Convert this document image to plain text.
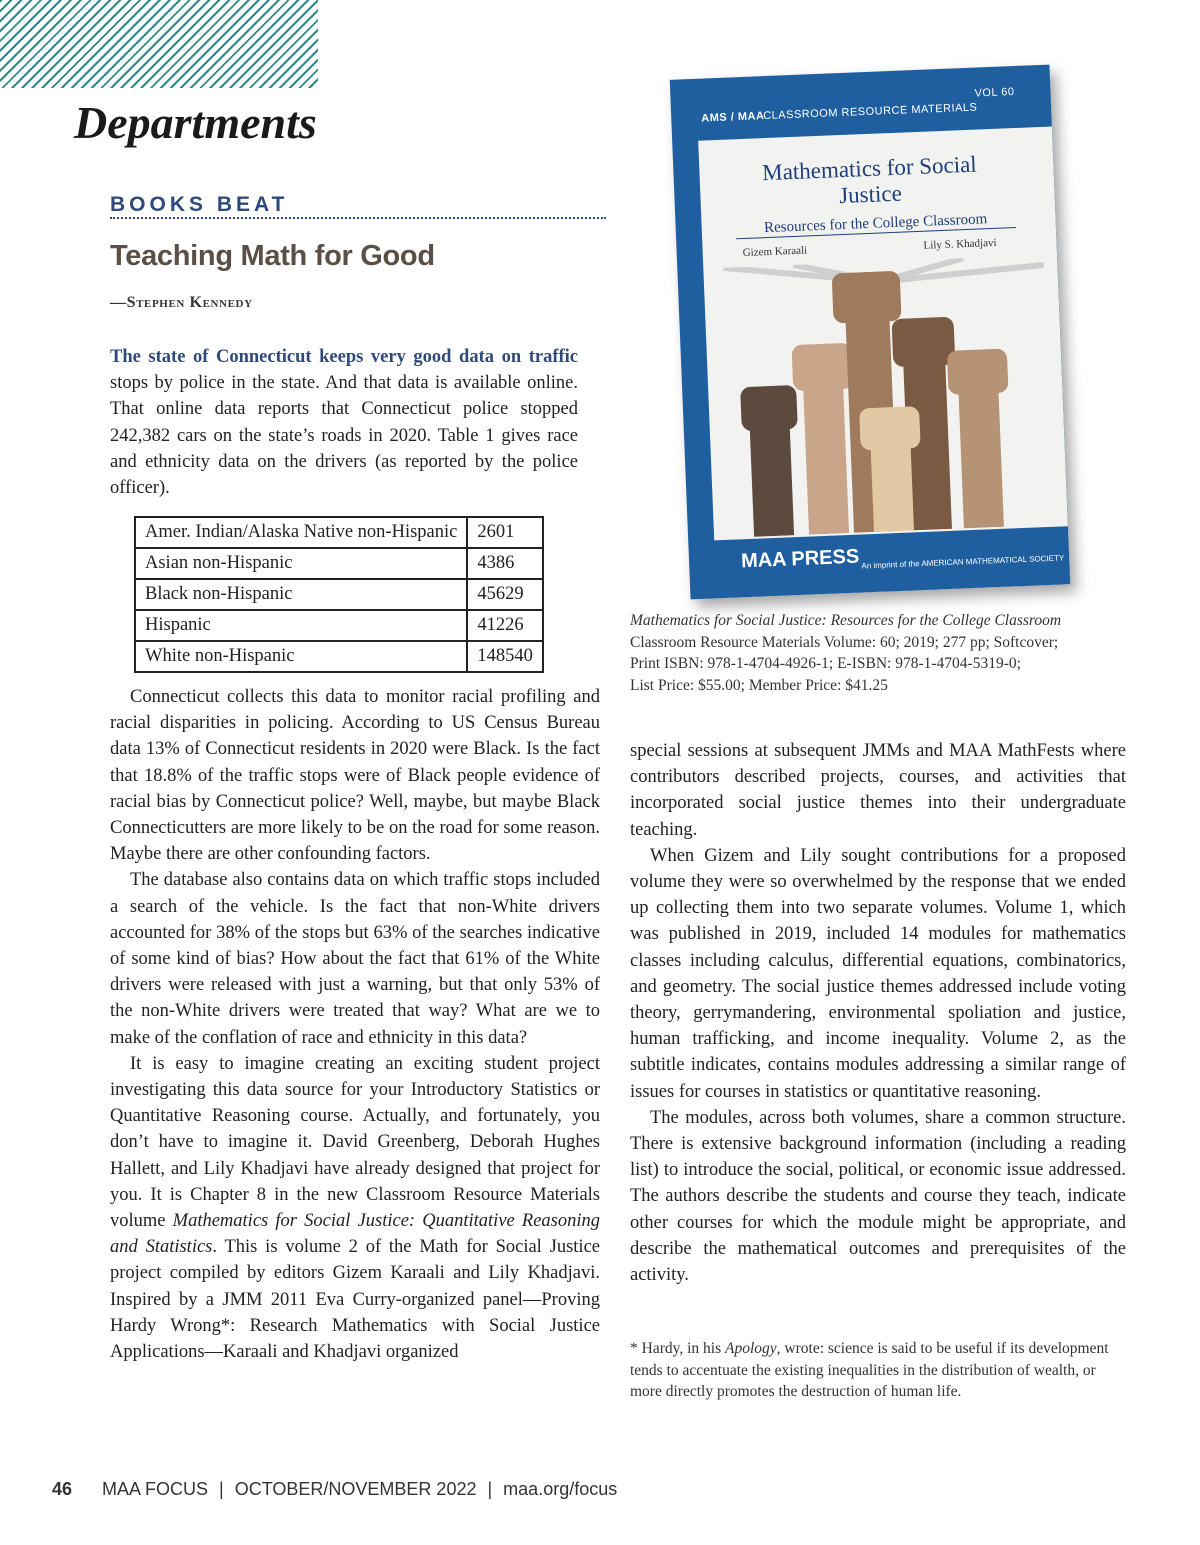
Departments
BOOKS BEAT
Teaching Math for Good
—Stephen Kennedy

The state of Connecticut keeps very good data on traffic stops by police in the state. And that data is available online. That online data reports that Connecticut police stopped 242,382 cars on the state’s roads in 2020. Table 1 gives race and ethnicity data on the drivers (as reported by the police officer).

Amer. Indian/Alaska Native non-Hispanic	2601
Asian non-Hispanic	4386
Black non-Hispanic	45629
Hispanic	41226
White non-Hispanic	148540

Connecticut collects this data to monitor racial profiling and racial disparities in policing. According to US Census Bureau data 13% of Connecticut residents in 2020 were Black. Is the fact that 18.8% of the traffic stops were of Black people evidence of racial bias by Connecticut police? Well, maybe, but maybe Black Connecticutters are more likely to be on the road for some reason. Maybe there are other confounding factors.

The database also contains data on which traffic stops included a search of the vehicle. Is the fact that non-White drivers accounted for 38% of the stops but 63% of the searches indicative of some kind of bias? How about the fact that 61% of the White drivers were released with just a warning, but that only 53% of the non-White drivers were treated that way? What are we to make of the conflation of race and ethnicity in this data?

It is easy to imagine creating an exciting student project investigating this data source for your Introductory Statistics or Quantitative Reasoning course. Actually, and fortunately, you don’t have to imagine it. David Greenberg, Deborah Hughes Hallett, and Lily Khadjavi have already designed that project for you. It is Chapter 8 in the new Classroom Resource Materials volume Mathematics for Social Justice: Quantitative Reasoning and Statistics. This is volume 2 of the Math for Social Justice project compiled by editors Gizem Karaali and Lily Khadjavi. Inspired by a JMM 2011 Eva Curry-organized panel—Proving Hardy Wrong*: Research Mathematics with Social Justice Applications—Karaali and Khadjavi organized

AMS / MAA
CLASSROOM RESOURCE MATERIALS
VOL 60
Mathematics for Social Justice
Resources for the College Classroom
Gizem Karaali	Lily S. Khadjavi
MAA PRESS An imprint of the AMERICAN MATHEMATICAL SOCIETY
Mathematics for Social Justice: Resources for the College Classroom
Classroom Resource Materials Volume: 60; 2019; 277 pp; Softcover;
Print ISBN: 978-1-4704-4926-1; E-ISBN: 978-1-4704-5319-0;
List Price: $55.00; Member Price: $41.25

special sessions at subsequent JMMs and MAA MathFests where contributors described projects, courses, and activities that incorporated social justice themes into their undergraduate teaching.

When Gizem and Lily sought contributions for a proposed volume they were so overwhelmed by the response that we ended up collecting them into two separate volumes. Volume 1, which was published in 2019, included 14 modules for mathematics classes including calculus, differential equations, combinatorics, and geometry. The social justice themes addressed include voting theory, gerrymandering, environmental spoliation and justice, human trafficking, and income inequality. Volume 2, as the subtitle indicates, contains modules addressing a similar range of issues for courses in statistics or quantitative reasoning.

The modules, across both volumes, share a common structure. There is extensive background information (including a reading list) to introduce the social, political, or economic issue addressed. The authors describe the students and course they teach, indicate other courses for which the module might be appropriate, and describe the mathematical outcomes and prerequisites of the activity.

* Hardy, in his Apology, wrote: science is said to be useful if its development tends to accentuate the existing inequalities in the distribution of wealth, or more directly promotes the destruction of human life.
46 MAA FOCUS | OCTOBER/NOVEMBER 2022 | maa.org/focus
